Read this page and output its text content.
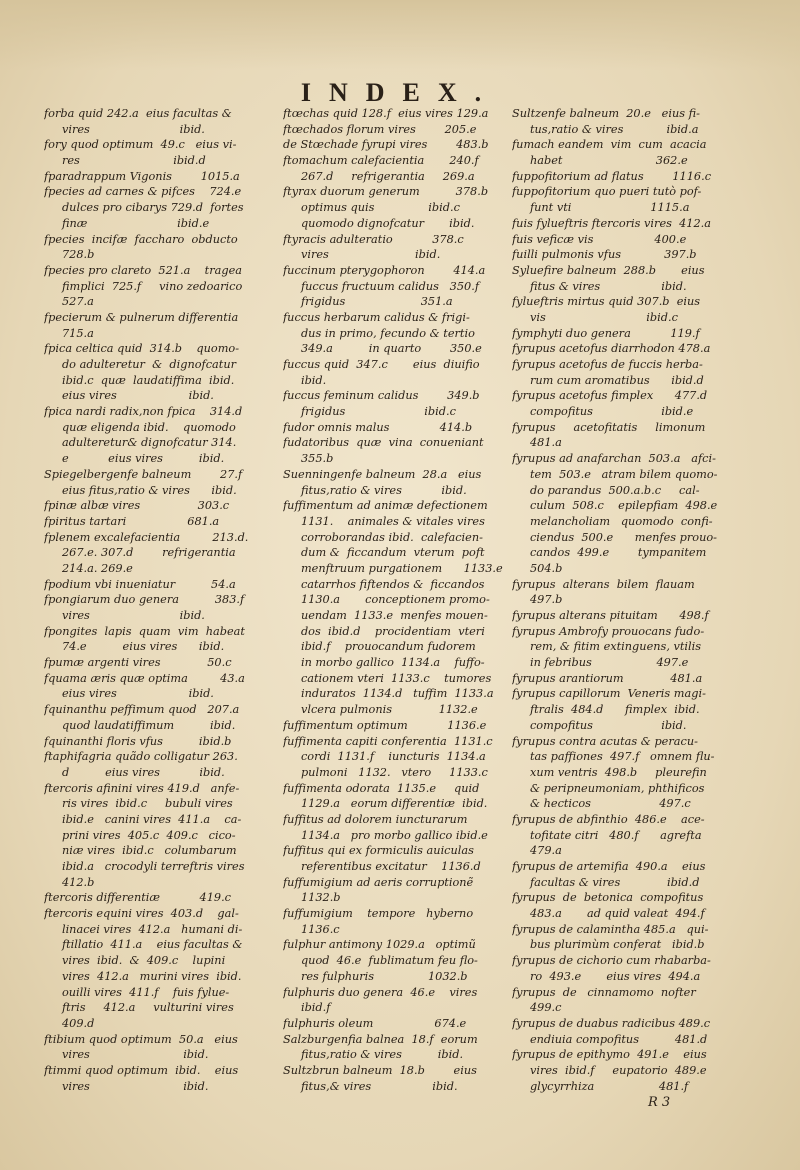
INDEX.
forba quid 242.a  eius facultas &
vires                         ibid.
fory quod optimum  49.c   eius vi-
res                          ibid.d
fparadrappum Vigonis        1015.a
fpecies ad carnes & pifces    724.e
dulces pro cibarys 729.d  fortes
finæ                         ibid.e
fpecies  incifæ  faccharo  obducto
728.b
fpecies pro clareto  521.a    tragea
fimplici  725.f     vino zedoarico
527.a
fpecierum & pulnerum differentia
715.a
fpica celtica quid  314.b    quomo-
do adulteretur  &  dignofcatur
ibid.c  quæ  laudatiffima  ibid.
eius vires                    ibid.
fpica nardi radix,non fpica    314.d
quæ eligenda ibid.    quomodo
adulteretur& dignofcatur 314.
e           eius vires          ibid.
Spiegelbergenfe balneum        27.f
eius fitus,ratio & vires      ibid.
fpinæ albæ vires                303.c
fpiritus tartari                 681.a
fplenem excalefacientia         213.d.
267.e. 307.d        refrigerantia
214.a. 269.e
fpodium vbi inueniatur          54.a
fpongiarum duo genera          383.f
vires                         ibid.
fpongites  lapis  quam  vim  habeat
74.e          eius vires      ibid.
fpumæ argenti vires             50.c
fquama æris quæ optima         43.a
eius vires                    ibid.
fquinanthu peffimum quod   207.a
quod laudatiffimum          ibid.
fquinanthi floris vfus          ibid.b
ftaphifagria quãdo colligatur 263.
d          eius vires           ibid.
ftercoris afinini vires 419.d   anfe-
ris vires  ibid.c     bubuli vires
ibid.e   canini vires  411.a    ca-
prini vires  405.c  409.c   cico-
niæ vires  ibid.c   columbarum
ibid.a   crocodyli terreftris vires
412.b
ftercoris differentiæ           419.c
ftercoris equini vires  403.d    gal-
linacei vires  412.a   humani di-
ftillatio  411.a    eius facultas &
vires  ibid.  &  409.c    lupini
vires  412.a   murini vires  ibid.
ouilli vires  411.f    fuis fylue-
ftris     412.a     vulturini vires
409.d
ftibium quod optimum  50.a   eius
vires                          ibid.
ftimmi quod optimum  ibid.    eius
vires                          ibid.
ftœchas quid 128.f  eius vires 129.a
ftœchados florum vires        205.e
de Stœchade fyrupi vires        483.b
ftomachum calefacientia       240.f
267.d     refrigerantia     269.a
ftyrax duorum generum          378.b
optimus quis               ibid.c
quomodo dignofcatur       ibid.
ftyracis adulteratio           378.c
vires                        ibid.
fuccinum pterygophoron        414.a
fuccus fructuum calidus   350.f
frigidus                     351.a
fuccus herbarum calidus & frigi-
dus in primo, fecundo & tertio
349.a          in quarto        350.e
fuccus quid  347.c       eius  diuifio
ibid.
fuccus feminum calidus        349.b
frigidus                      ibid.c
fudor omnis malus              414.b
fudatoribus  quæ  vina  conueniant
355.b
Suenningenfe balneum  28.a   eius
fitus,ratio & vires           ibid.
fuffimentum ad animæ defectionem
1131.    animales & vitales vires
corroborandas ibid.  calefacien-
dum &  ficcandum  vterum  poft
menftruum purgationem      1133.e
catarrhos fiftendos &  ficcandos
1130.a       conceptionem promo-
uendam  1133.e  menfes mouen-
dos  ibid.d    procidentiam  vteri
ibid.f    prouocandum fudorem
in morbo gallico  1134.a    fuffo-
cationem vteri  1133.c    tumores
induratos  1134.d   tuffim  1133.a
vlcera pulmonis             1132.e
fuffimentum optimum           1136.e
fuffimenta capiti conferentia  1131.c
cordi  1131.f    iuncturis  1134.a
pulmoni   1132.   vtero     1133.c
fuffimenta odorata  1135.e     quid
1129.a   eorum differentiæ  ibid.
fuffitus ad dolorem iuncturarum
1134.a   pro morbo gallico ibid.e
fuffitus qui ex formiculis auiculas
referentibus excitatur    1136.d
fuffumigium ad aeris corruptionẽ
1132.b
fuffumigium    tempore   hyberno
1136.c
fulphur antimony 1029.a   optimũ
quod  46.e  fublimatum feu flo-
res fulphuris               1032.b
fulphuris duo genera  46.e    vires
ibid.f
fulphuris oleum                 674.e
Salzburgenfia balnea  18.f  eorum
fitus,ratio & vires          ibid.
Sultzbrun balneum  18.b        eius
fitus,& vires                 ibid.
Sultzenfe balneum  20.e   eius fi-
tus,ratio & vires            ibid.a
fumach eandem  vim  cum  acacia
habet                          362.e
fuppofitorium ad flatus        1116.c
fuppofitorium quo pueri tutò pof-
funt vti                      1115.a
fuis fylueftris ftercoris vires  412.a
fuis veficæ vis                 400.e
fuilli pulmonis vfus            397.b
Syluefire balneum  288.b       eius
fitus & vires                 ibid.
fylueftris mirtus quid 307.b  eius
vis                            ibid.c
fymphyti duo genera           119.f
fyrupus acetofus diarrhodon 478.a
fyrupus acetofus de fuccis herba-
rum cum aromatibus      ibid.d
fyrupus acetofus fimplex      477.d
compofitus                   ibid.e
fyrupus     acetofitatis     limonum
481.a
fyrupus ad anafarchan  503.a   afci-
tem  503.e   atram bilem quomo-
do parandus  500.a.b.c     cal-
culum  508.c    epilepfiam  498.e
melancholiam   quomodo  confi-
ciendus  500.e      menfes prouo-
candos  499.e        tympanitem
504.b
fyrupus  alterans  bilem  flauam
497.b
fyrupus alterans pituitam      498.f
fyrupus Ambrofy prouocans fudo-
rem, & fitim extinguens, vtilis
in febribus                  497.e
fyrupus arantiorum             481.a
fyrupus capillorum  Veneris magi-
ftralis  484.d      fimplex  ibid.
compofitus                   ibid.
fyrupus contra acutas & peracu-
tas paffiones  497.f   omnem flu-
xum ventris  498.b     pleurefin
& peripneumoniam, phthificos
& hecticos                   497.c
fyrupus de abfinthio  486.e    ace-
tofitate citri   480.f      agrefta
479.a
fyrupus de artemifia  490.a    eius
facultas & vires             ibid.d
fyrupus  de  betonica  compofitus
483.a       ad quid valeat  494.f
fyrupus de calamintha 485.a   qui-
bus plurimùm conferat   ibid.b
fyrupus de cichorio cum rhabarba-
ro  493.e       eius vires  494.a
fyrupus  de   cinnamomo  nofter
499.c
fyrupus de duabus radicibus 489.c
endiuia compofitus          481.d
fyrupus de epithymo  491.e    eius
vires  ibid.f     eupatorio  489.e
glycyrrhiza                  481.f
R 3
